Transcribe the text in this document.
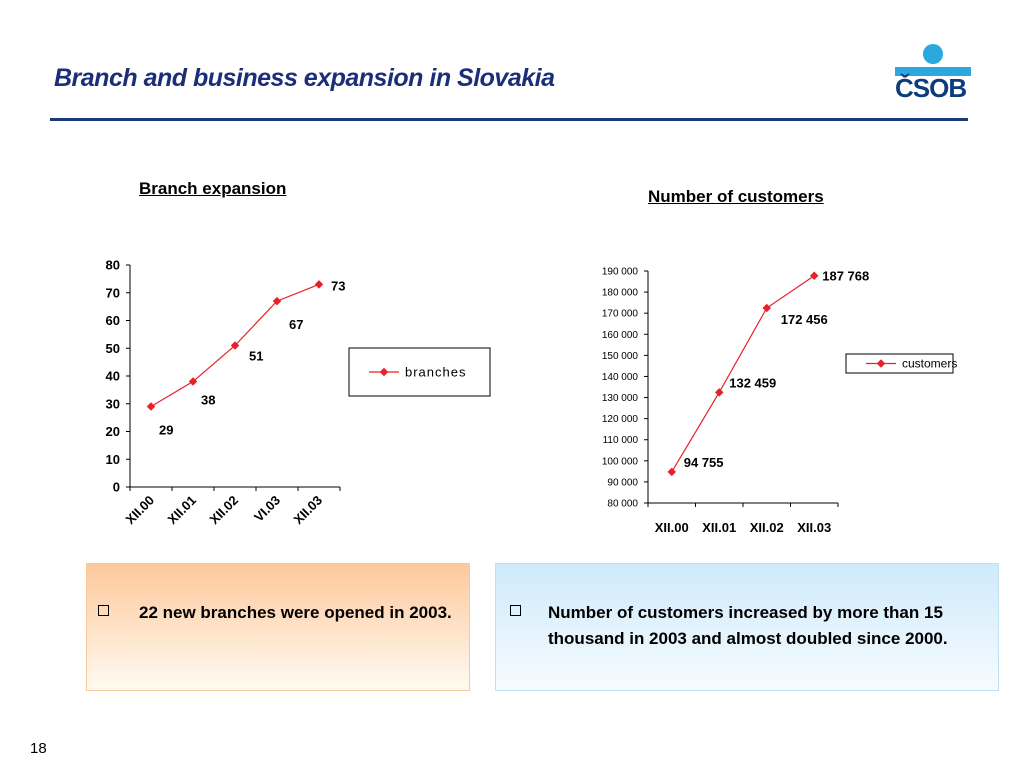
Branch and business expansion in Slovakia	ČSOB
Branch expansion	Number of customers
0
10
20
30
40
50
60
70
80
XII.00 XII.01 XII.02 VI.03 XII.03
29
38
51
67
73
branches
80 000
90 000
100 000
110 000
120 000
130 000
140 000
150 000
160 000
170 000
180 000
190 000
XII.00 XII.01 XII.02 XII.03
94 755
132 459
172 456
187 768
customers
22 new branches were opened in 2003.	Number of customers increased by more than 15 thousand in 2003 and almost doubled since 2000.
18
